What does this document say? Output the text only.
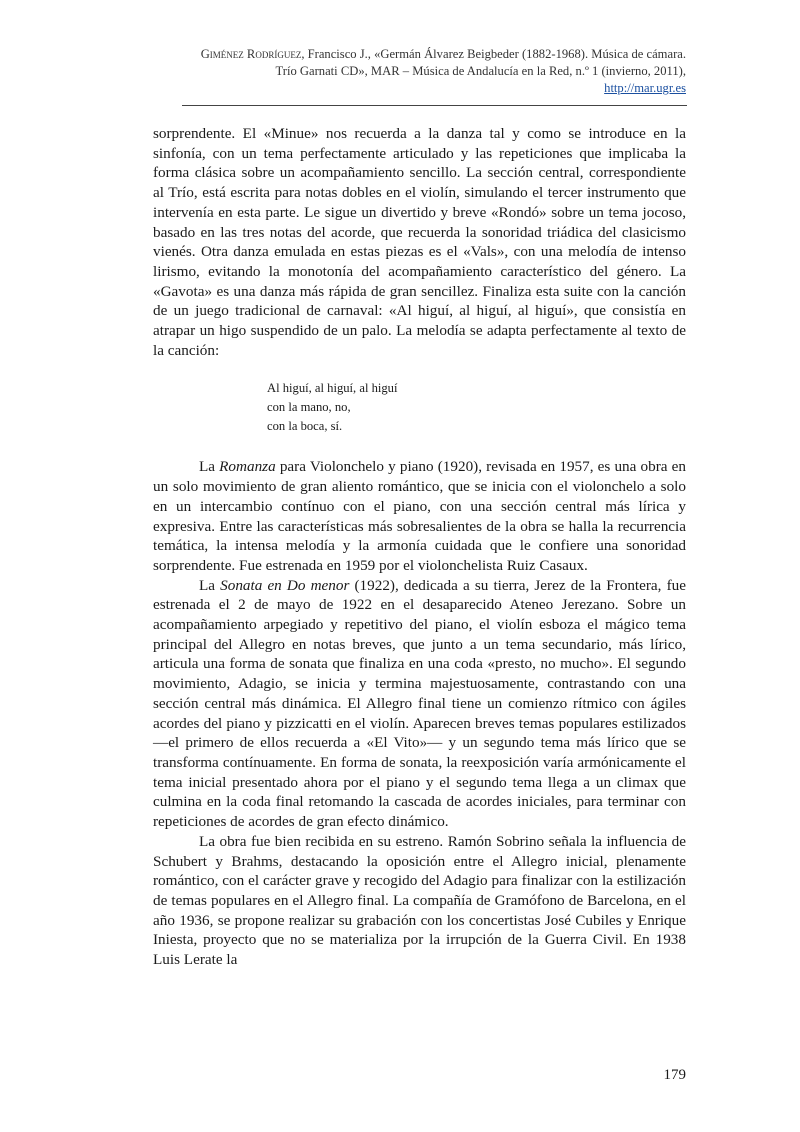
Giménez Rodríguez, Francisco J., «Germán Álvarez Beigbeder (1882-1968). Música de cámara.
Trío Garnati CD», MAR – Música de Andalucía en la Red, n.º 1 (invierno, 2011),
http://mar.ugr.es

sorprendente. El «Minue» nos recuerda a la danza tal y como se introduce en la sinfonía, con un tema perfectamente articulado y las repeticiones que implicaba la forma clásica sobre un acompañamiento sencillo. La sección central, correspondiente al Trío, está escrita para notas dobles en el violín, simulando el tercer instrumento que intervenía en esta parte. Le sigue un divertido y breve «Rondó» sobre un tema jocoso, basado en las tres notas del acorde, que recuerda la sonoridad triádica del clasicismo vienés. Otra danza emulada en estas piezas es el «Vals», con una melodía de intenso lirismo, evitando la monotonía del acompañamiento característico del género. La «Gavota» es una danza más rápida de gran sencillez. Finaliza esta suite con la canción de un juego tradicional de carnaval: «Al higuí, al higuí, al higuí», que consistía en atrapar un higo suspendido de un palo. La melodía se adapta perfectamente al texto de la canción:

Al higuí, al higuí, al higuí
con la mano, no,
con la boca, sí.

La Romanza para Violonchelo y piano (1920), revisada en 1957, es una obra en un solo movimiento de gran aliento romántico, que se inicia con el violonchelo a solo en un intercambio contínuo con el piano, con una sección central más lírica y expresiva. Entre las características más sobresalientes de la obra se halla la recurrencia temática, la intensa melodía y la armonía cuidada que le confiere una sonoridad sorprendente. Fue estrenada en 1959 por el violonchelista Ruiz Casaux.

La Sonata en Do menor (1922), dedicada a su tierra, Jerez de la Frontera, fue estrenada el 2 de mayo de 1922 en el desaparecido Ateneo Jerezano. Sobre un acompañamiento arpegiado y repetitivo del piano, el violín esboza el mágico tema principal del Allegro en notas breves, que junto a un tema secundario, más lírico, articula una forma de sonata que finaliza en una coda «presto, no mucho». El segundo movimiento, Adagio, se inicia y termina majestuosamente, contrastando con una sección central más dinámica. El Allegro final tiene un comienzo rítmico con ágiles acordes del piano y pizzicatti en el violín. Aparecen breves temas populares estilizados —el primero de ellos recuerda a «El Vito»— y un segundo tema más lírico que se transforma contínuamente. En forma de sonata, la reexposición varía armónicamente el tema inicial presentado ahora por el piano y el segundo tema llega a un climax que culmina en la coda final retomando la cascada de acordes iniciales, para terminar con repeticiones de acordes de gran efecto dinámico.

La obra fue bien recibida en su estreno. Ramón Sobrino señala la influencia de Schubert y Brahms, destacando la oposición entre el Allegro inicial, plenamente romántico, con el carácter grave y recogido del Adagio para finalizar con la estilización de temas populares en el Allegro final. La compañía de Gramófono de Barcelona, en el año 1936, se propone realizar su grabación con los concertistas José Cubiles y Enrique Iniesta, proyecto que no se materializa por la irrupción de la Guerra Civil. En 1938 Luis Lerate la

179
